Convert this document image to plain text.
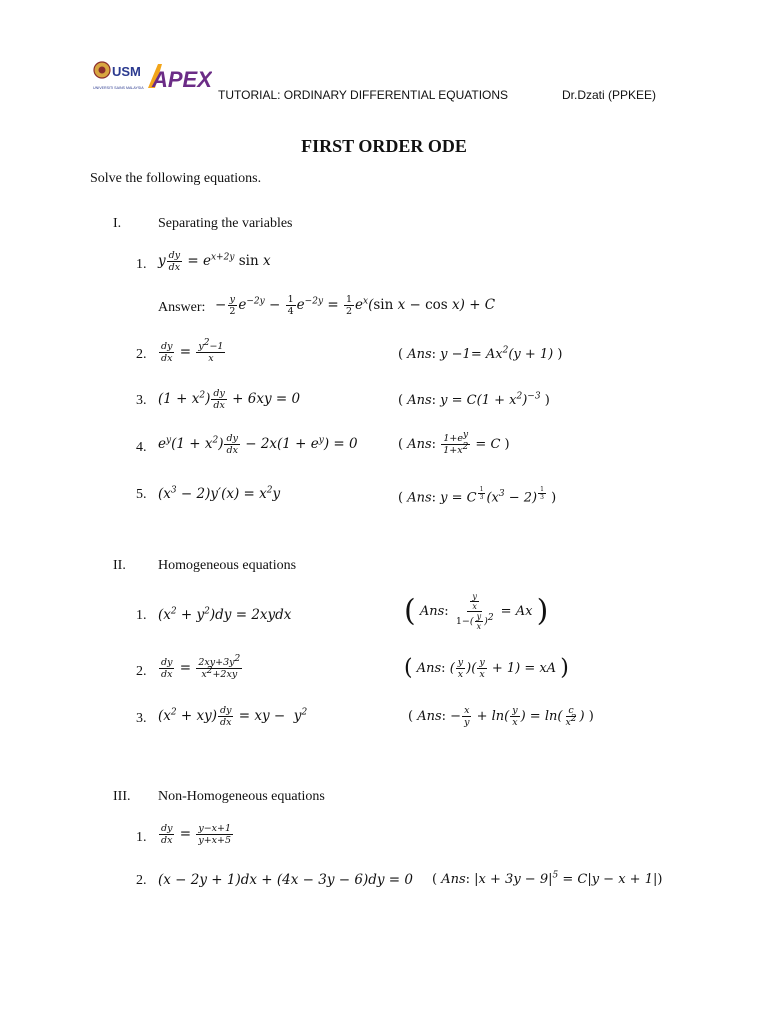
USM
UNIVERSITI SAINS MALAYSIA APEX
TUTORIAL: ORDINARY DIFFERENTIAL EQUATIONS	Dr.Dzati (PPKEE)
FIRST ORDER ODE
Solve the following equations.
I.	Separating the variables
1. y $\frac{dy}{dx} = e^{x+2y}$ sin x
Answer: − $\frac{y}{2} e^{-2y} - \frac{1}{4} e^{-2y} = \frac{1}{2} e^x(\sin$ x − cos x) + C
2. $\frac{dy}{dx} = \frac{y^2-1}{x}$	( Ans: $y -1= Ax^2(y + 1)$ )
3. $(1 + x^2) \frac{dy}{dx} + 6xy = 0$	( Ans: $y = C(1 + x^2)^{-3}$ )
4. $e^y(1 + x^2) \frac{dy}{dx} - 2x(1 + e^y) = 0$	( Ans: $\frac{1+e^y}{1+x^2} = C$ )
5. $(x^3 - 2)y'(x) = x^2y$	( Ans: y = C $^{\frac{1}{3}}$ $(x^3 - 2)$ $^{\frac{1}{3}}$ )
II. Homogeneous equations
1. $(x^2 + y^2)dy$ = 2xydx	( Ans: $\frac{\frac{y}{x}}{1-( \frac{y}{x} )^2} = Ax$ )
2. $\frac{dy}{dx} = \frac{2xy+3y^2}{x^2+2xy}$	( Ans: ( $\frac{y}{x}$ )( $\frac{y}{x} + 1$) = xA )
3. $(x^2 + xy) \frac{dy}{dx}$ = xy −  $y^2$	( Ans: − $\frac{x}{y} + \ln( \frac{y}{x}$ ) = $\ln( \frac{c}{x^2}$ ) )
III. Non-Homogeneous equations
1. $\frac{dy}{dx} = \frac{y-x+1}{y+x+5}$
2. (x − 2y + 1)dx + (4x − 3y − 6)dy = 0 ( Ans: $|x + 3y - 9|^5 = C|y - x + 1|$)
